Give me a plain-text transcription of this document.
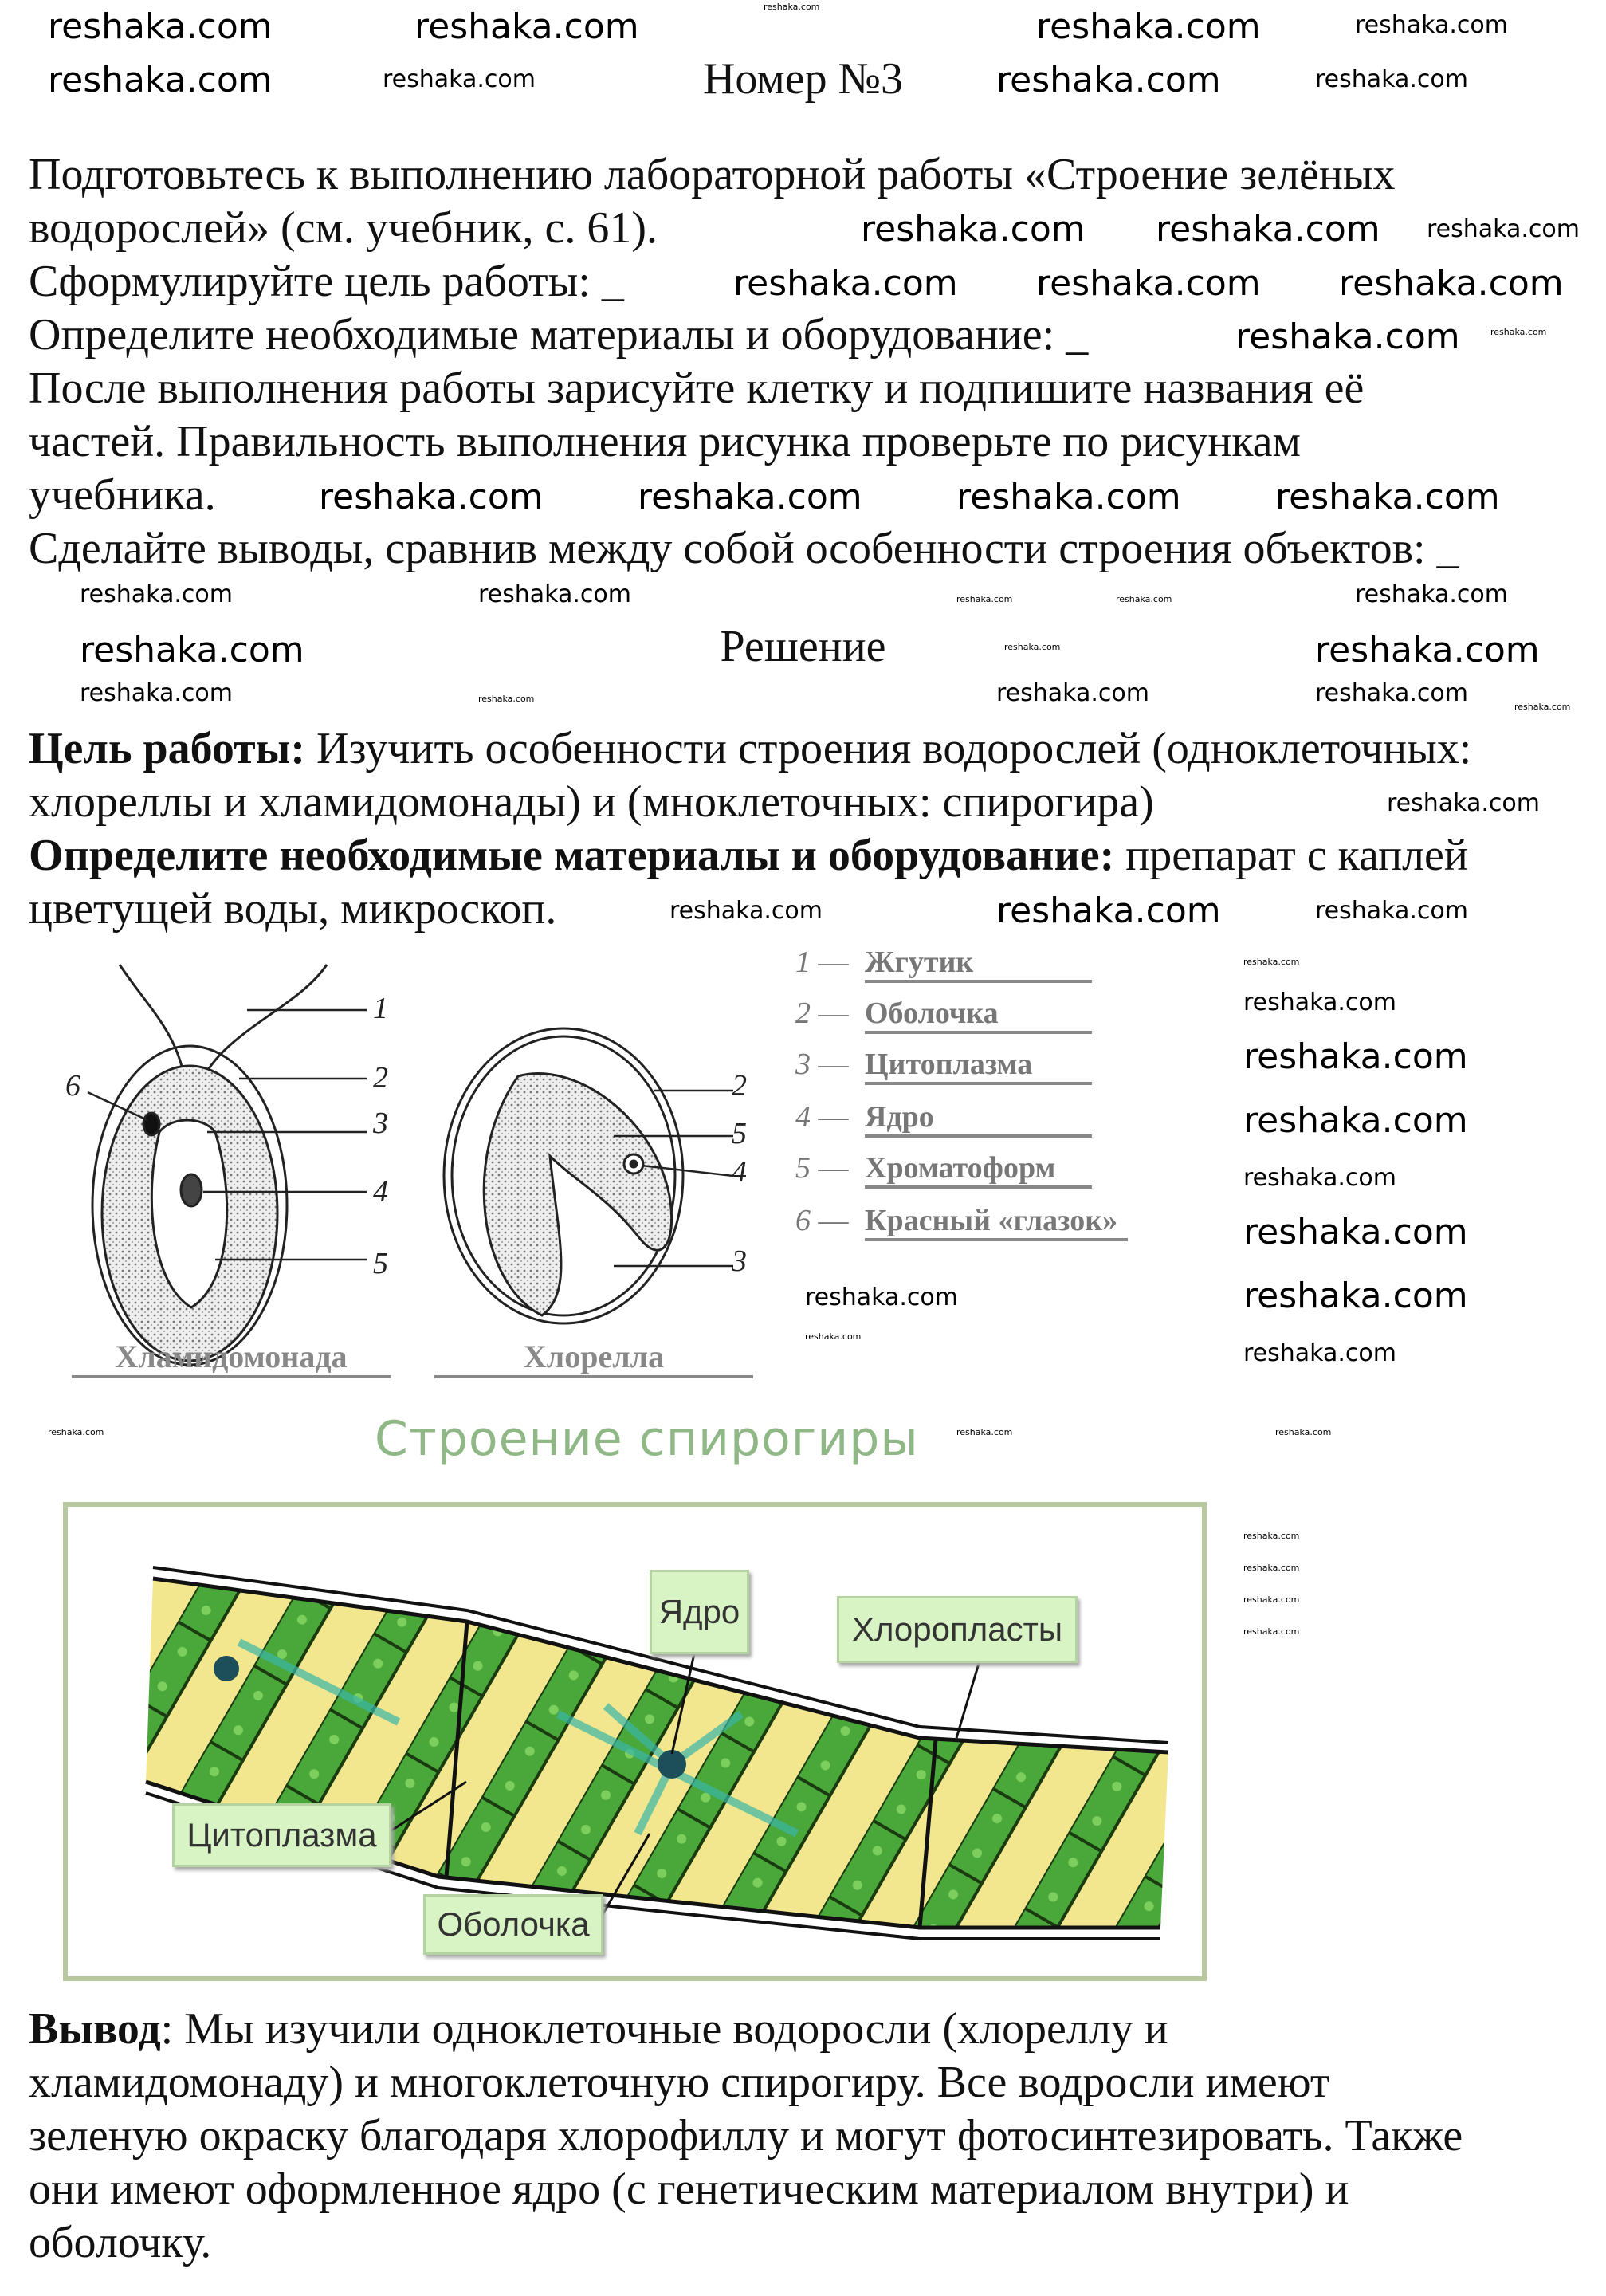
Номер №3
Подготовьтесь к выполнению лабораторной работы «Строение зелёных
водорослей» (см. учебник, с. 61).
Сформулируйте цель работы: _
Определите необходимые материалы и оборудование: _
После выполнения работы зарисуйте клетку и подпишите названия её
частей. Правильность выполнения рисунка проверьте по рисункам
учебника.
Сделайте выводы, сравнив между собой особенности строения объектов: _
Решение
Цель работы: Изучить особенности строения водорослей (одноклеточных:
хлореллы и хламидомонады) и (мноклеточных: спирогира)
Определите необходимые материалы и оборудование: препарат с каплей
цветущей воды, микроскоп.
1
2
3
4
5
6	2
5
4
3
Хламидомонада	Хлорелла
1 — Жгутик
2 — Оболочка
3 — Цитоплазма
4 — Ядро
5 — Хроматоформ
6 — Красный «глазок»
Строение спирогиры
Ядро	Хлоропласты
Цитоплазма
Оболочка
Вывод: Мы изучили одноклеточные водоросли (хлореллу и
хламидомонаду) и многоклеточную спирогиру. Все водросли имеют
зеленую окраску благодаря хлорофиллу и могут фотосинтезировать. Также
они имеют оформленное ядро (с генетическим материалом внутри) и
оболочку.
reshaka.com
reshaka.com	reshaka.com
reshaka.com	reshaka.com
reshaka.com reshaka.com
reshaka.com
reshaka.com	reshaka.com	reshaka.com
reshaka.com
reshaka.com
reshaka.com reshaka.com reshaka.com
reshaka.com
reshaka.com
reshaka.com
reshaka.com	reshaka.com	reshaka.com
reshaka.com	reshaka.com	reshaka.com	reshaka.com
reshaka.com
reshaka.com
reshaka.com
reshaka.com	reshaka.com
reshaka.com
reshaka.com
reshaka.com
reshaka.com
reshaka.com	reshaka.com	reshaka.com
reshaka.com
reshaka.com
reshaka.com
reshaka.com
reshaka.com
reshaka.com
reshaka.com
reshaka.com
reshaka.com
reshaka.com
reshaka.com	reshaka.com	reshaka.com
reshaka.com
reshaka.com
reshaka.com
reshaka.com
